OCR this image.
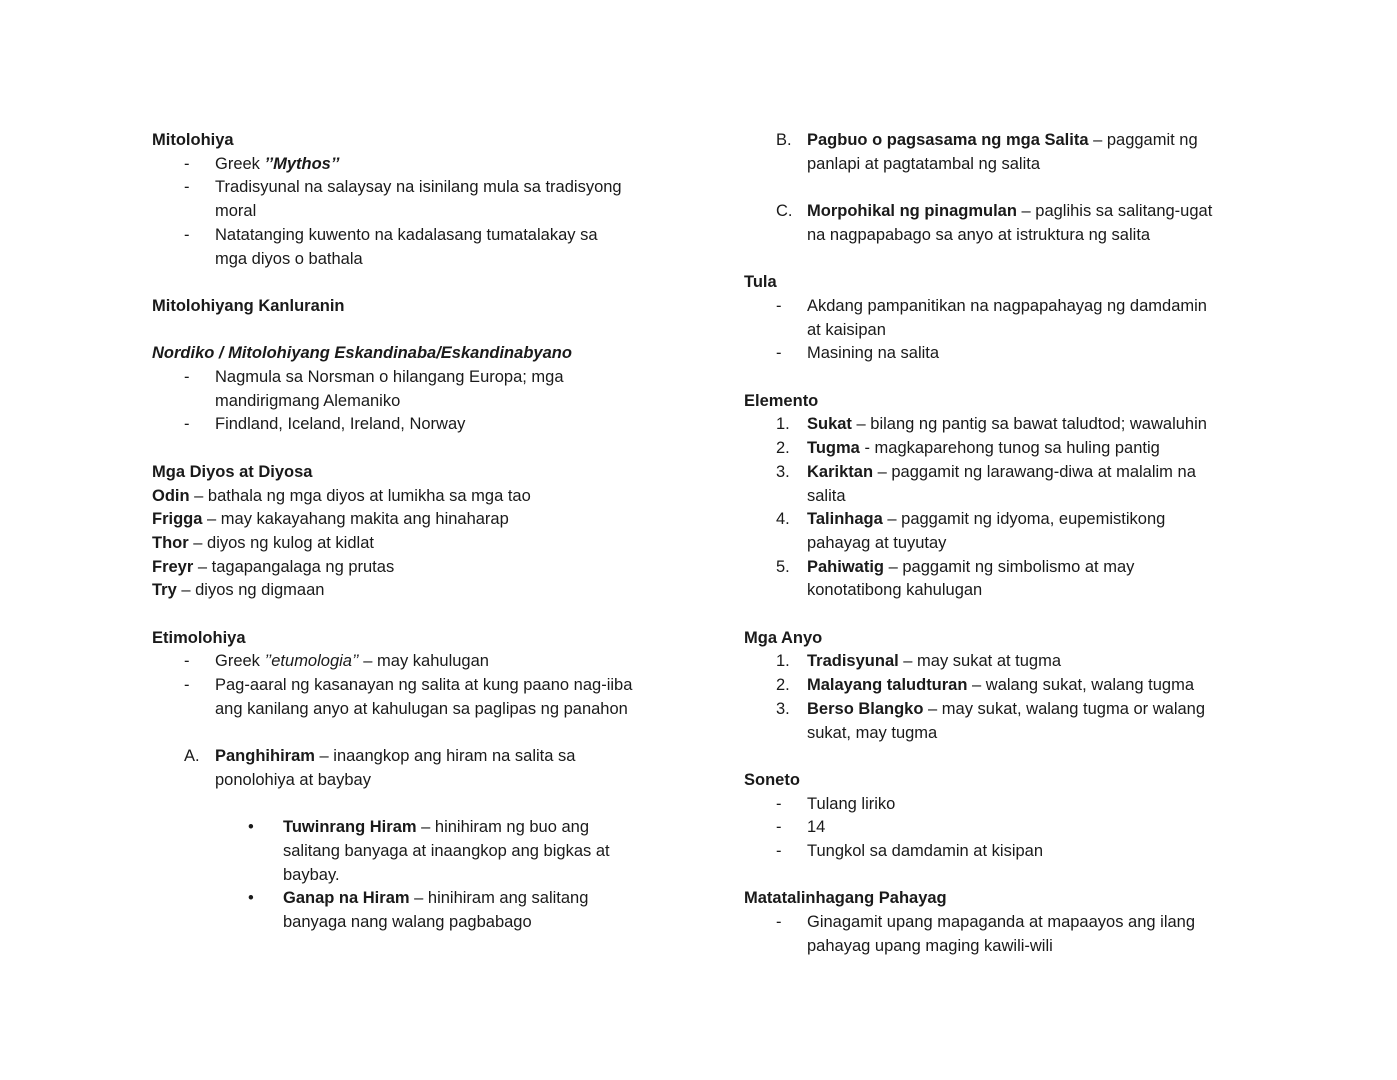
Mitolohiya
- Greek ’’Mythos’’
- Tradisyunal na salaysay na isinilang mula sa tradisyong
moral
- Natatanging kuwento na kadalasang tumatalakay sa
mga diyos o bathala
Mitolohiyang Kanluranin
Nordiko / Mitolohiyang Eskandinaba/Eskandinabyano
- Nagmula sa Norsman o hilangang Europa; mga
mandirigmang Alemaniko
- Findland, Iceland, Ireland, Norway
Mga Diyos at Diyosa
Odin – bathala ng mga diyos at lumikha sa mga tao
Frigga – may kakayahang makita ang hinaharap
Thor – diyos ng kulog at kidlat
Freyr – tagapangalaga ng prutas
Try – diyos ng digmaan
Etimolohiya
- Greek ’’etumologia’’ – may kahulugan
- Pag-aaral ng kasanayan ng salita at kung paano nag-iiba
ang kanilang anyo at kahulugan sa paglipas ng panahon
A. Panghihiram – inaangkop ang hiram na salita sa
ponolohiya at baybay
• Tuwinrang Hiram – hinihiram ng buo ang
salitang banyaga at inaangkop ang bigkas at
baybay.
• Ganap na Hiram – hinihiram ang salitang
banyaga nang walang pagbabago
B. Pagbuo o pagsasama ng mga Salita – paggamit ng
panlapi at pagtatambal ng salita
C. Morpohikal ng pinagmulan – paglihis sa salitang-ugat
na nagpapabago sa anyo at istruktura ng salita
Tula
- Akdang pampanitikan na nagpapahayag ng damdamin
at kaisipan
- Masining na salita
Elemento
1. Sukat – bilang ng pantig sa bawat taludtod; wawaluhin
2. Tugma - magkaparehong tunog sa huling pantig
3. Kariktan – paggamit ng larawang-diwa at malalim na
salita
4. Talinhaga – paggamit ng idyoma, eupemistikong
pahayag at tuyutay
5. Pahiwatig – paggamit ng simbolismo at may
konotatibong kahulugan
Mga Anyo
1. Tradisyunal – may sukat at tugma
2. Malayang taludturan – walang sukat, walang tugma
3. Berso Blangko – may sukat, walang tugma or walang
sukat, may tugma
Soneto
- Tulang liriko
- 14
- Tungkol sa damdamin at kisipan
Matatalinhagang Pahayag
- Ginagamit upang mapaganda at mapaayos ang ilang
pahayag upang maging kawili-wili
